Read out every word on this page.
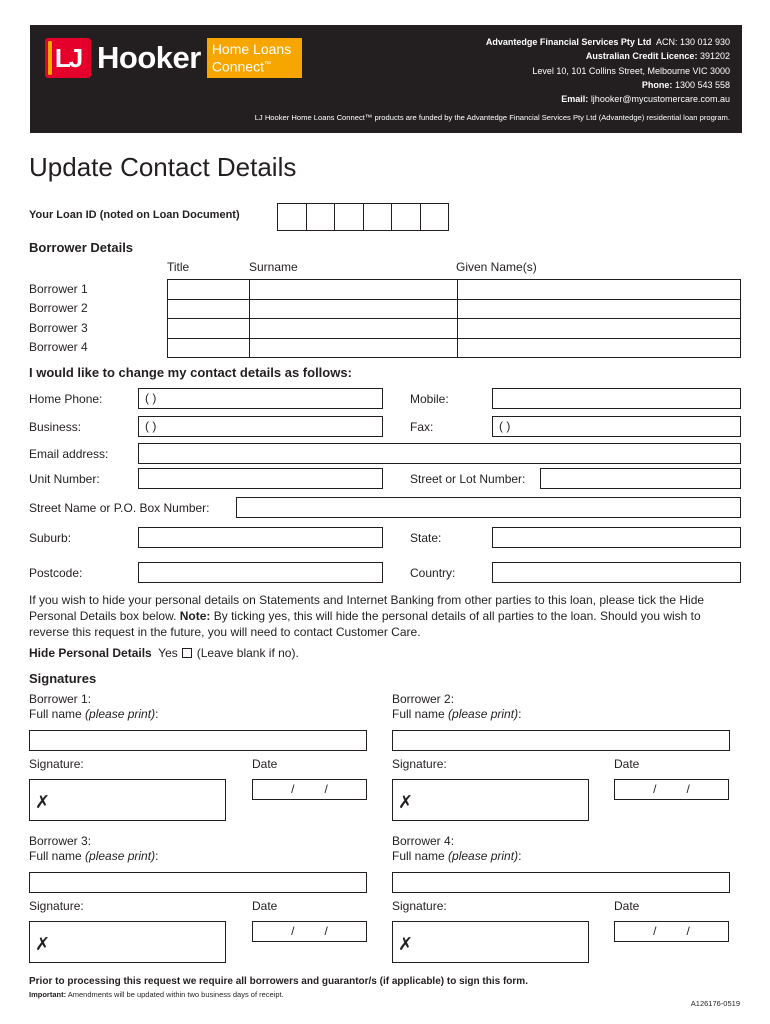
LJ Hooker Home Loans
Connect™
Advantedge Financial Services Pty Ltd ACN: 130 012 930
Australian Credit Licence: 391202
Level 10, 101 Collins Street, Melbourne VIC 3000
Phone: 1300 543 558
Email: ljhooker@mycustomercare.com.au
LJ Hooker Home Loans Connect™ products are funded by the Advantedge Financial Services Pty Ltd (Advantedge) residential loan program.
Update Contact Details
Your Loan ID (noted on Loan Document)
Borrower Details
Title	Surname	Given Name(s)
Borrower 1
Borrower 2
Borrower 3
Borrower 4

I would like to change my contact details as follows:
Home Phone:	( )	Mobile:
Business:	( )	Fax:	( )
Email address:
Unit Number:	Street or Lot Number:
Street Name or P.O. Box Number:
Suburb:	State:
Postcode:	Country:
If you wish to hide your personal details on Statements and Internet Banking from other parties to this loan, please tick the Hide Personal Details box below. Note: By ticking yes, this will hide the personal details of all parties to the loan. Should you wish to reverse this request in the future, you will need to contact Customer Care.
Hide Personal Details Yes (Leave blank if no).
Signatures
Borrower 1:
Full name (please print):
Signature:	Date
✗
/	/
Borrower 2:
Full name (please print):
Signature:	Date
✗
/	/
Borrower 3:
Full name (please print):
Signature:	Date
✗
/	/
Borrower 4:
Full name (please print):
Signature:	Date
✗
/	/
Prior to processing this request we require all borrowers and guarantor/s (if applicable) to sign this form.
Important: Amendments will be updated within two business days of receipt.
A126176-0519
